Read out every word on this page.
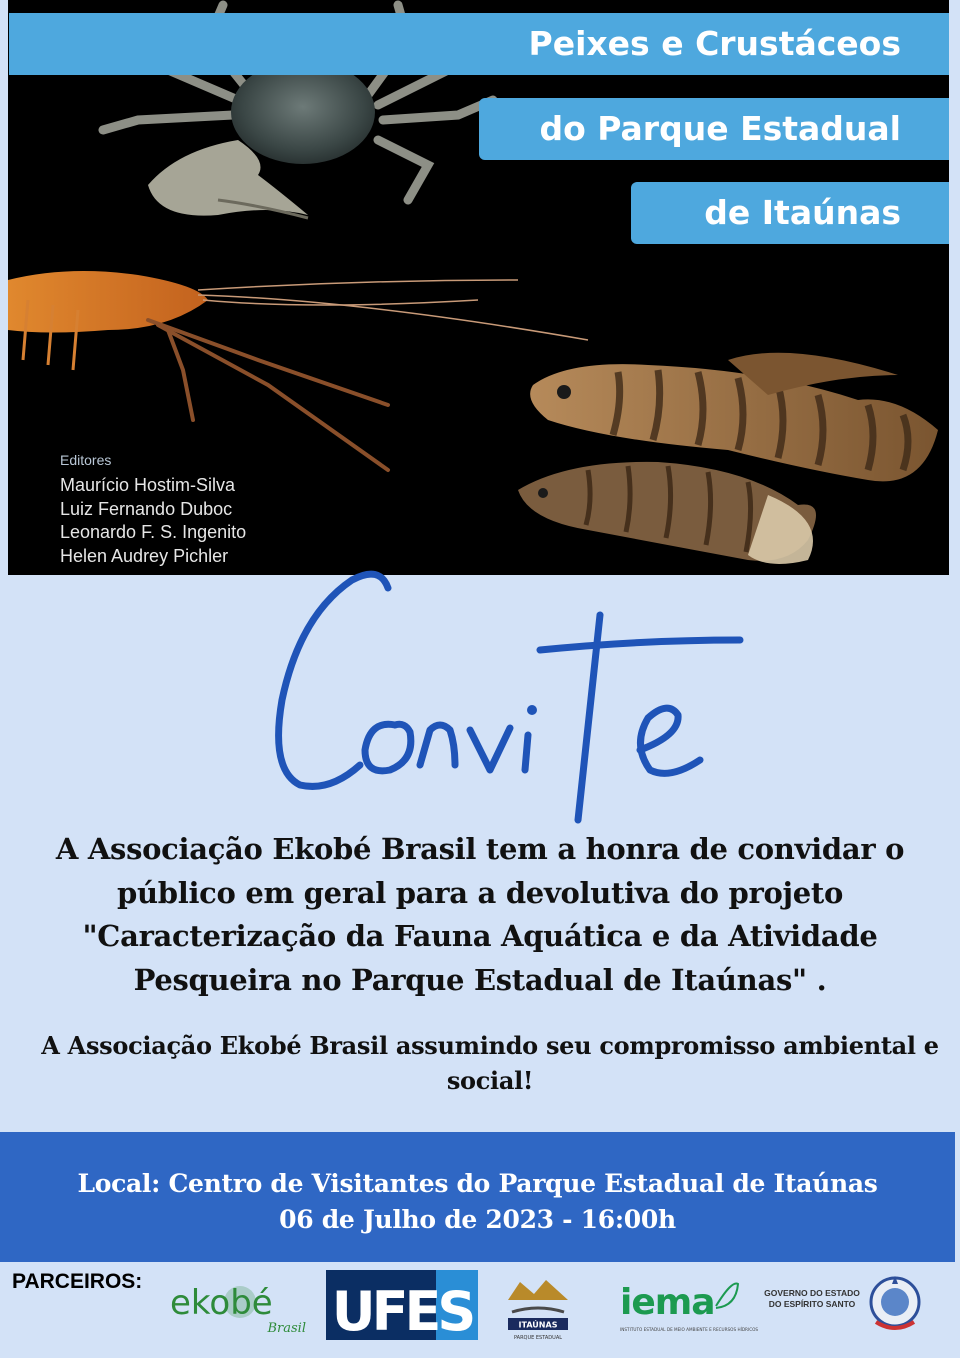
Peixes e Crustáceos
do Parque Estadual
de Itaúnas
Editores
Maurício Hostim-Silva
Luiz Fernando Duboc
Leonardo F. S. Ingenito
Helen Audrey Pichler
Convite
A Associação Ekobé Brasil tem a honra de convidar o
público em geral para a devolutiva do projeto
"Caracterização da Fauna Aquática e da Atividade
Pesqueira no Parque Estadual de Itaúnas" .
A Associação Ekobé Brasil assumindo seu compromisso ambiental e
social!
Local: Centro de Visitantes do Parque Estadual de Itaúnas
06 de Julho de 2023 - 16:00h
PARCEIROS:
ekobé
Brasil UFES	ITAÚNAS
PARQUE ESTADUAL
iema
INSTITUTO ESTADUAL DE MEIO AMBIENTE E RECURSOS HÍDRICOS
GOVERNO DO ESTADO
DO ESPÍRITO SANTO
